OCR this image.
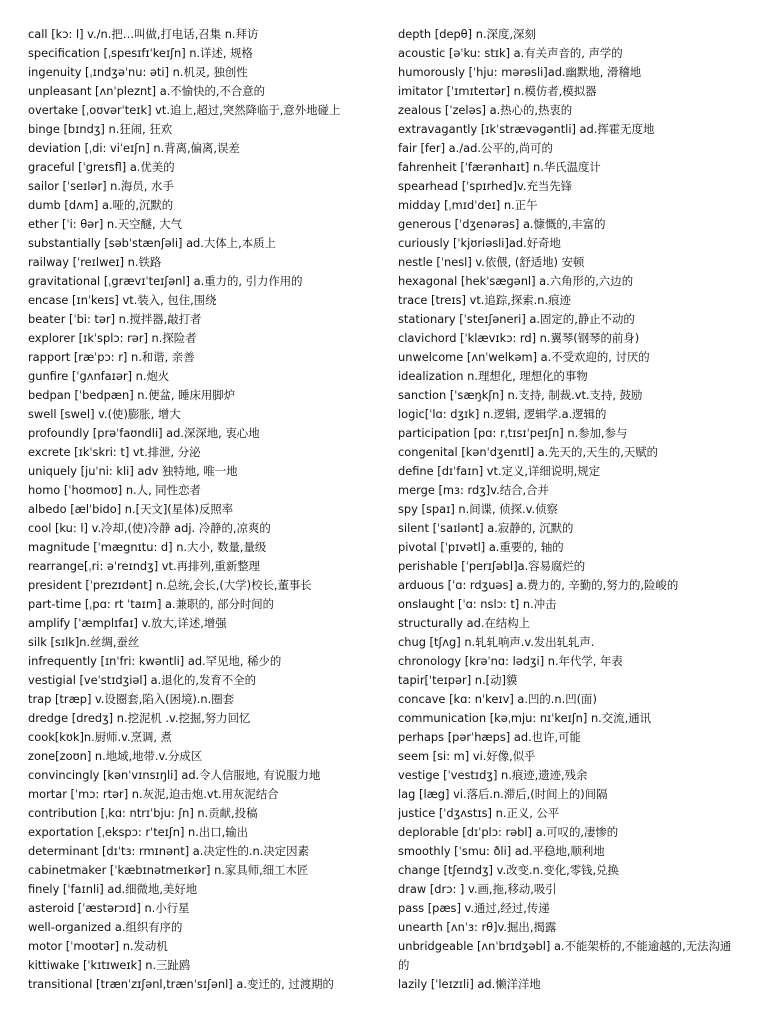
call [kɔ: l] v./n.把…叫做,打电话,召集 n.拜访
specification [ˌspesɪfɪˈkeɪʃn] n.详述, 规格
ingenuity [ˌɪndʒəˈnu: əti] n.机灵, 独创性
unpleasant [ʌnˈpleznt] a.不愉快的,不合意的
overtake [ˌoʊvərˈteɪk] vt.追上,超过,突然降临于,意外地碰上
binge [bɪndʒ] n.狂闹, 狂欢
deviation [ˌdi: viˈeɪʃn] n.背离,偏离,误差
graceful [ˈgreɪsfl] a.优美的
sailor [ˈseɪlər] n.海员, 水手
dumb [dʌm] a.哑的,沉默的
ether [ˈi: θər] n.天空醚, 大气
substantially [səbˈstænʃəli] ad.大体上,本质上
railway [ˈreɪlweɪ] n.铁路
gravitational [ˌgrævɪˈteɪʃənl] a.重力的, 引力作用的
encase [ɪnˈkeɪs] vt.装入, 包住,围绕
beater [ˈbi: tər] n.搅拌器,敲打者
explorer [ɪkˈsplɔ: rər] n.探险者
rapport [ræˈpɔ: r] n.和谐, 亲善
gunfire [ˈgʌnfaɪər] n.炮火
bedpan [ˈbedpæn] n.便盆, 睡床用脚炉
swell [swel] v.(使)膨胀, 增大
profoundly [prəˈfaʊndli] ad.深深地, 衷心地
excrete [ɪkˈskri: t] vt.排泄, 分泌
uniquely [juˈni: kli] adv 独特地, 唯一地
homo [ˈhoʊmoʊ] n.人, 同性恋者
albedo [ælˈbido] n.[天文](星体)反照率
cool [ku: l] v.冷却,(使)冷静 adj. 冷静的,凉爽的
magnitude [ˈmægnɪtu: d] n.大小, 数量,量级
rearrange[ˌri: əˈreɪndʒ] vt.再排列,重新整理
president [ˈprezɪdənt] n.总统,会长,(大学)校长,董事长
part-time [ˌpɑ: rt ˈtaɪm] a.兼职的, 部分时间的
amplify [ˈæmplɪfaɪ] v.放大,详述,增强
silk [sɪlk]n.丝绸,蚕丝
infrequently [ɪnˈfri: kwəntli] ad.罕见地, 稀少的
vestigial [veˈstɪdʒiəl] a.退化的,发育不全的
trap [træp] v.设圈套,陷入(困境).n.圈套
dredge [dredʒ] n.挖泥机 .v.挖掘,努力回忆
cook[kʊk]n.厨师.v.烹调, 煮
zone[zoʊn] n.地域,地带.v.分成区
convincingly [kənˈvɪnsɪŋli] ad.令人信服地, 有说服力地
mortar [ˈmɔ: rtər] n.灰泥,迫击炮.vt.用灰泥结合
contribution [ˌkɑ: ntrɪˈbju: ʃn] n.贡献,投稿
exportation [ˌekspɔ: rˈteɪʃn] n.出口,输出
determinant [dɪˈtɜ: rmɪnənt] a.决定性的.n.决定因素
cabinetmaker [ˈkæbɪnətmeɪkər] n.家具师,细工木匠
finely [ˈfaɪnli] ad.细微地,美好地
asteroid [ˈæstərɔɪd] n.小行星
well-organized a.组织有序的
motor [ˈmoʊtər] n.发动机
kittiwake [ˈkɪtɪweɪk] n.三趾鸥
transitional [trænˈzɪʃənl,trænˈsɪʃənl] a.变迁的, 过渡期的
depth [depθ] n.深度,深刻
acoustic [əˈku: stɪk] a.有关声音的, 声学的
humorously [ˈhju: mərəsli]ad.幽默地, 滑稽地
imitator [ˈɪmɪteɪtər] n.模仿者,模拟器
zealous [ˈzeləs] a.热心的,热衷的
extravagantly [ɪkˈstrævəgəntli] ad.挥霍无度地
fair [fer] a./ad.公平的,尚可的
fahrenheit [ˈfærənhaɪt] n.华氏温度计
spearhead [ˈspɪrhed]v.充当先锋
midday [ˌmɪdˈdeɪ] n.正午
generous [ˈdʒenərəs] a.慷慨的,丰富的
curiously [ˈkjʊriəsli]ad.好奇地
nestle [ˈnesl] v.依偎, (舒适地) 安顿
hexagonal [hekˈsægənl] a.六角形的,六边的
trace [treɪs] vt.追踪,探索.n.痕迹
stationary [ˈsteɪʃəneri] a.固定的,静止不动的
clavichord [ˈklævɪkɔ: rd] n.翼琴(钢琴的前身)
unwelcome [ʌnˈwelkəm] a.不受欢迎的, 讨厌的
idealization n.理想化, 理想化的事物
sanction [ˈsæŋkʃn] n.支持, 制裁.vt.支持, 鼓励
logic[ˈlɑ: dʒɪk] n.逻辑, 逻辑学.a.逻辑的
participation [pɑ: rˌtɪsɪˈpeɪʃn] n.参加,参与
congenital [kənˈdʒenɪtl] a.先天的,天生的,天赋的
define [dɪˈfaɪn] vt.定义,详细说明,规定
merge [mɜ: rdʒ]v.结合,合并
spy [spaɪ] n.间谍, 侦探.v.侦察
silent [ˈsaɪlənt] a.寂静的, 沉默的
pivotal [ˈpɪvətl] a.重要的, 轴的
perishable [ˈperɪʃəbl]a.容易腐烂的
arduous [ˈɑ: rdʒuəs] a.费力的, 辛勤的,努力的,险峻的
onslaught [ˈɑ: nslɔ: t] n.冲击
structurally ad.在结构上
chug [tʃʌg] n.轧轧响声.v.发出轧轧声.
chronology [krəˈnɑ: lədʒi] n.年代学, 年表
tapir[ˈteɪpər] n.[动]貘
concave [kɑ: nˈkeɪv] a.凹的.n.凹(面)
communication [kəˌmju: nɪˈkeɪʃn] n.交流,通讯
perhaps [pərˈhæps] ad.也许,可能
seem [si: m] vi.好像,似乎
vestige [ˈvestɪdʒ] n.痕迹,遗迹,残余
lag [læg] vi.落后.n.滞后,(时间上的)间隔
justice [ˈdʒʌstɪs] n.正义, 公平
deplorable [dɪˈplɔ: rəbl] a.可叹的,凄惨的
smoothly [ˈsmu: ðli] ad.平稳地,顺利地
change [tʃeɪndʒ] v.改变.n.变化,零钱,兑换
draw [drɔ: ] v.画,拖,移动,吸引
pass [pæs] v.通过,经过,传递
unearth [ʌnˈɜ: rθ]v.掘出,揭露
unbridgeable [ʌnˈbrɪdʒəbl] a.不能架桥的,不能逾越的,无法沟通
的
lazily [ˈleɪzɪli] ad.懒洋洋地
